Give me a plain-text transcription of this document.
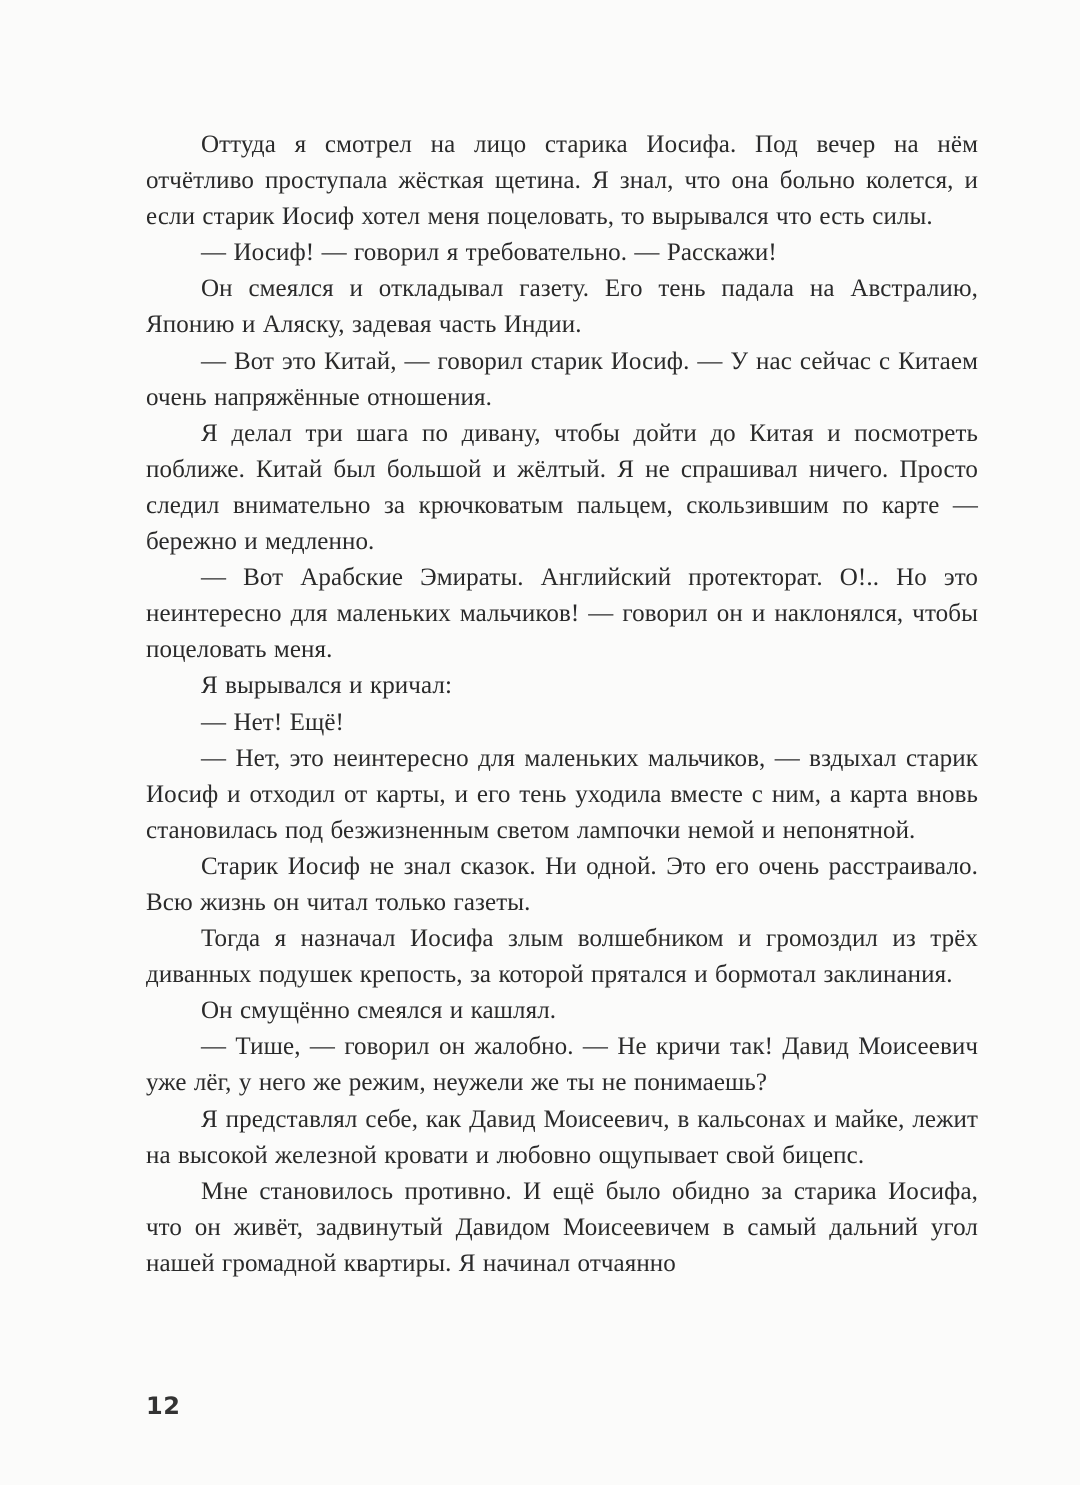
Оттуда я смотрел на лицо старика Иосифа. Под вечер на нём отчётливо проступала жёсткая щетина. Я знал, что она больно колется, и если старик Иосиф хотел меня поцеловать, то вырывался что есть силы.

— Иосиф! — говорил я требовательно. — Расскажи!

Он смеялся и откладывал газету. Его тень падала на Австралию, Японию и Аляску, задевая часть Индии.

— Вот это Китай, — говорил старик Иосиф. — У нас сейчас с Китаем очень напряжённые отношения.

Я делал три шага по дивану, чтобы дойти до Китая и посмотреть поближе. Китай был большой и жёлтый. Я не спрашивал ничего. Просто следил внимательно за крючковатым пальцем, скользившим по карте — бережно и медленно.

— Вот Арабские Эмираты. Английский протекторат. О!.. Но это неинтересно для маленьких мальчиков! — говорил он и наклонялся, чтобы поцеловать меня.

Я вырывался и кричал:

— Нет! Ещё!

— Нет, это неинтересно для маленьких мальчиков, — вздыхал старик Иосиф и отходил от карты, и его тень уходила вместе с ним, а карта вновь становилась под безжизненным светом лампочки немой и непонятной.

Старик Иосиф не знал сказок. Ни одной. Это его очень расстраивало. Всю жизнь он читал только газеты.

Тогда я назначал Иосифа злым волшебником и громоздил из трёх диванных подушек крепость, за которой прятался и бормотал заклинания.

Он смущённо смеялся и кашлял.

— Тише, — говорил он жалобно. — Не кричи так! Давид Моисеевич уже лёг, у него же режим, неужели же ты не понимаешь?

Я представлял себе, как Давид Моисеевич, в кальсонах и майке, лежит на высокой железной кровати и любовно ощупывает свой бицепс.

Мне становилось противно. И ещё было обидно за старика Иосифа, что он живёт, задвинутый Давидом Моисеевичем в самый дальний угол нашей громадной квартиры. Я начинал отчаянно

12
